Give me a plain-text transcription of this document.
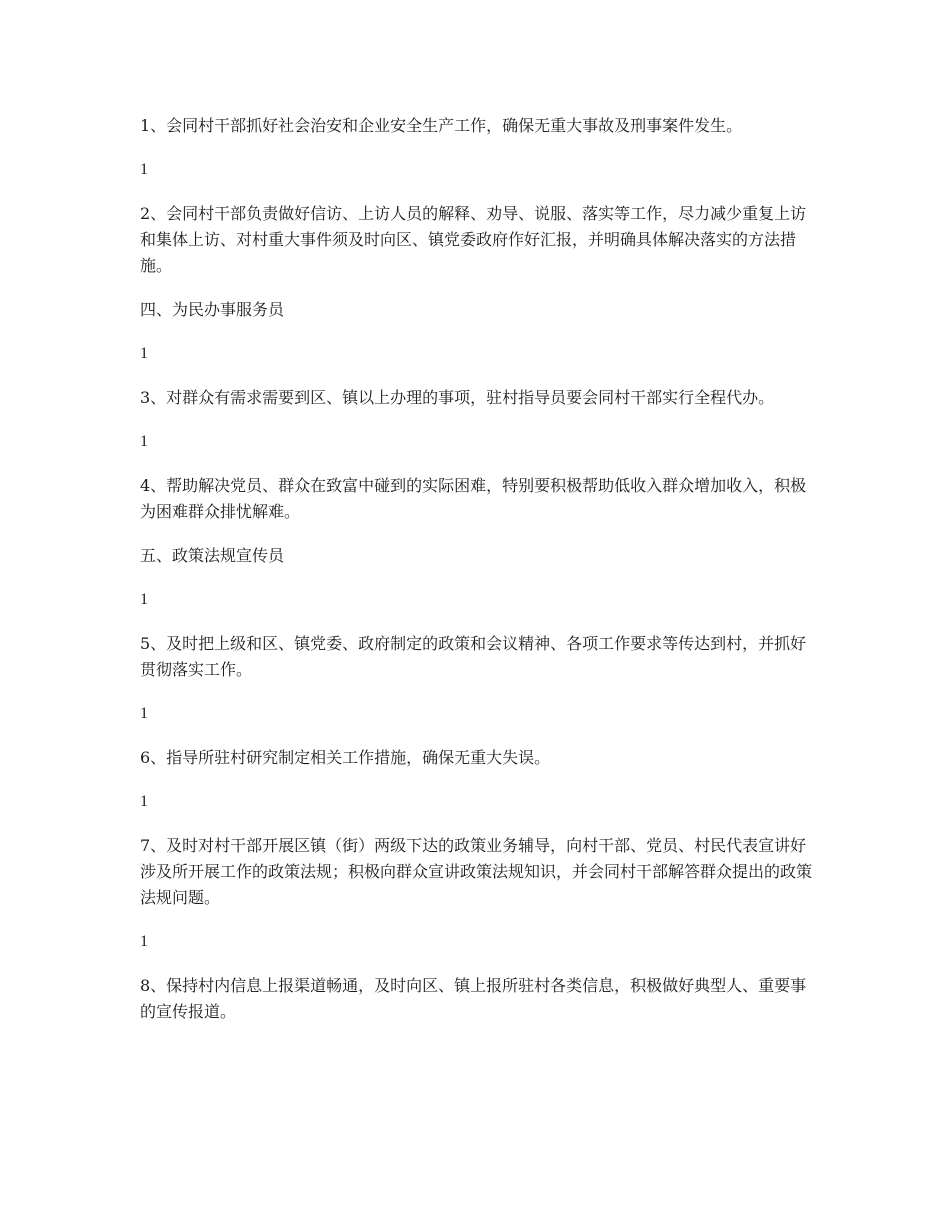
1、会同村干部抓好社会治安和企业安全生产工作，确保无重大事故及刑事案件发生。

1

2、会同村干部负责做好信访、上访人员的解释、劝导、说服、落实等工作，尽力减少重复上访和集体上访、对村重大事件须及时向区、镇党委政府作好汇报，并明确具体解决落实的方法措施。

四、为民办事服务员

1

3、对群众有需求需要到区、镇以上办理的事项，驻村指导员要会同村干部实行全程代办。

1

4、帮助解决党员、群众在致富中碰到的实际困难，特别要积极帮助低收入群众增加收入，积极为困难群众排忧解难。

五、政策法规宣传员

1

5、及时把上级和区、镇党委、政府制定的政策和会议精神、各项工作要求等传达到村，并抓好贯彻落实工作。

1

6、指导所驻村研究制定相关工作措施，确保无重大失误。

1

7、及时对村干部开展区镇（街）两级下达的政策业务辅导，向村干部、党员、村民代表宣讲好涉及所开展工作的政策法规；积极向群众宣讲政策法规知识，并会同村干部解答群众提出的政策法规问题。

1

8、保持村内信息上报渠道畅通，及时向区、镇上报所驻村各类信息，积极做好典型人、重要事的宣传报道。
